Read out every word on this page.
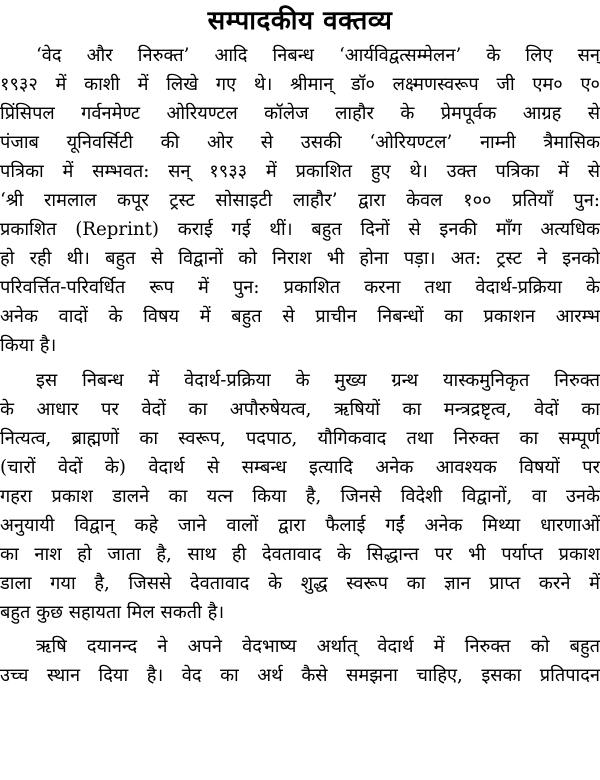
सम्पादकीय वक्तव्य
‘वेद और निरुक्त’ आदि निबन्ध ‘आर्यविद्वत्सम्मेलन’ के लिए सन्
१९३२ में काशी में लिखे गए थे। श्रीमान् डॉ० लक्ष्मणस्वरूप जी एम० ए०
प्रिंसिपल गर्वनमेण्ट ओरियण्टल कॉलेज लाहौर के प्रेमपूर्वक आग्रह से
पंजाब यूनिवर्सिटी की ओर से उसकी ‘ओरियण्टल’ नाम्नी त्रैमासिक
पत्रिका में सम्भवत: सन् १९३३ में प्रकाशित हुए थे। उक्त पत्रिका में से
‘श्री रामलाल कपूर ट्रस्ट सोसाइटी लाहौर’ द्वारा केवल १०० प्रतियाँ पुन:
प्रकाशित (Reprint) कराई गई थीं। बहुत दिनों से इनकी माँग अत्यधिक
हो रही थी। बहुत से विद्वानों को निराश भी होना पड़ा। अत: ट्रस्ट ने इनको
परिवर्त्तित-परिवर्धित रूप में पुन: प्रकाशित करना तथा वेदार्थ-प्रक्रिया के
अनेक वादों के विषय में बहुत से प्राचीन निबन्धों का प्रकाशन आरम्भ
किया है।
इस निबन्ध में वेदार्थ-प्रक्रिया के मुख्य ग्रन्थ यास्कमुनिकृत निरुक्त
के आधार पर वेदों का अपौरुषेयत्व, ऋषियों का मन्त्रद्रष्टृत्व, वेदों का
नित्यत्व, ब्राह्मणों का स्वरूप, पदपाठ, यौगिकवाद तथा निरुक्त का सम्पूर्ण
(चारों वेदों के) वेदार्थ से सम्बन्ध इत्यादि अनेक आवश्यक विषयों पर
गहरा प्रकाश डालने का यत्न किया है, जिनसे विदेशी विद्वानों, वा उनके
अनुयायी विद्वान् कहे जाने वालों द्वारा फैलाई गईं अनेक मिथ्या धारणाओं
का नाश हो जाता है, साथ ही देवतावाद के सिद्धान्त पर भी पर्याप्त प्रकाश
डाला गया है, जिससे देवतावाद के शुद्ध स्वरूप का ज्ञान प्राप्त करने में
बहुत कुछ सहायता मिल सकती है।
ऋषि दयानन्द ने अपने वेदभाष्य अर्थात् वेदार्थ में निरुक्त को बहुत
उच्च स्थान दिया है। वेद का अर्थ कैसे समझना चाहिए, इसका प्रतिपादन
